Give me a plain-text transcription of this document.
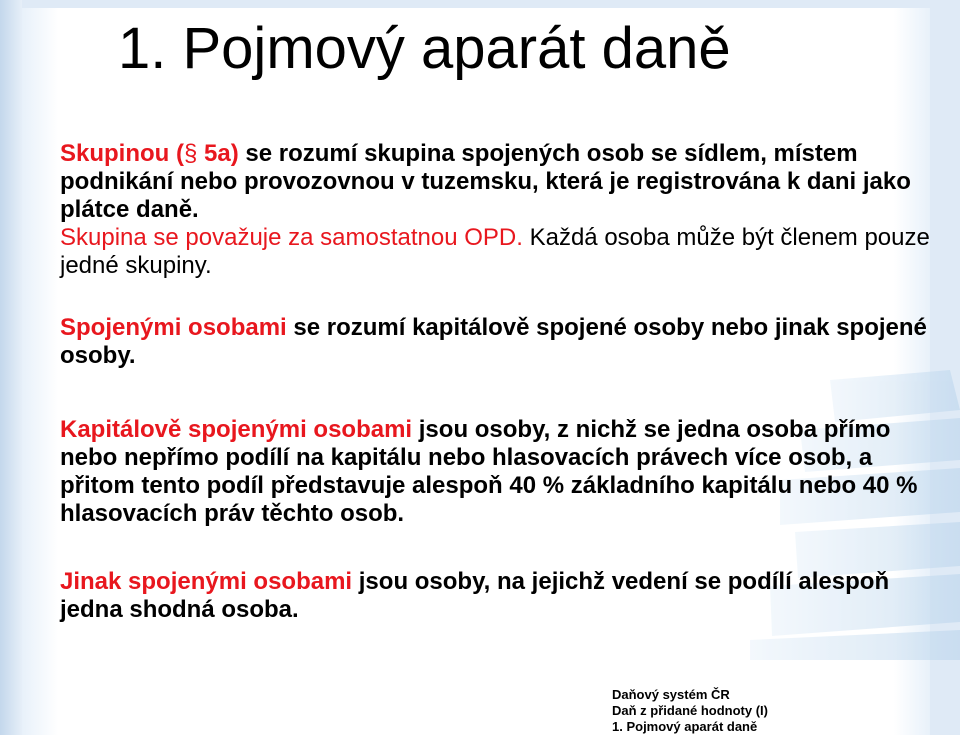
1. Pojmový aparát daně

Skupinou (§ 5a) se rozumí skupina spojených osob se sídlem, místem podnikání nebo provozovnou v tuzemsku, která je registrována k dani jako plátce daně.

Skupina se považuje za samostatnou OPD. Každá osoba může být členem pouze jedné skupiny.

Spojenými osobami se rozumí kapitálově spojené osoby nebo jinak spojené osoby.

Kapitálově spojenými osobami jsou osoby, z nichž se jedna osoba přímo nebo nepřímo podílí na kapitálu nebo hlasovacích právech více osob, a přitom tento podíl představuje alespoň 40 % základního kapitálu nebo 40 % hlasovacích práv těchto osob.

Jinak spojenými osobami jsou osoby, na jejichž vedení se podílí alespoň jedna shodná osoba.

Daňový systém ČR
Daň z přidané hodnoty (I)
1. Pojmový aparát daně
